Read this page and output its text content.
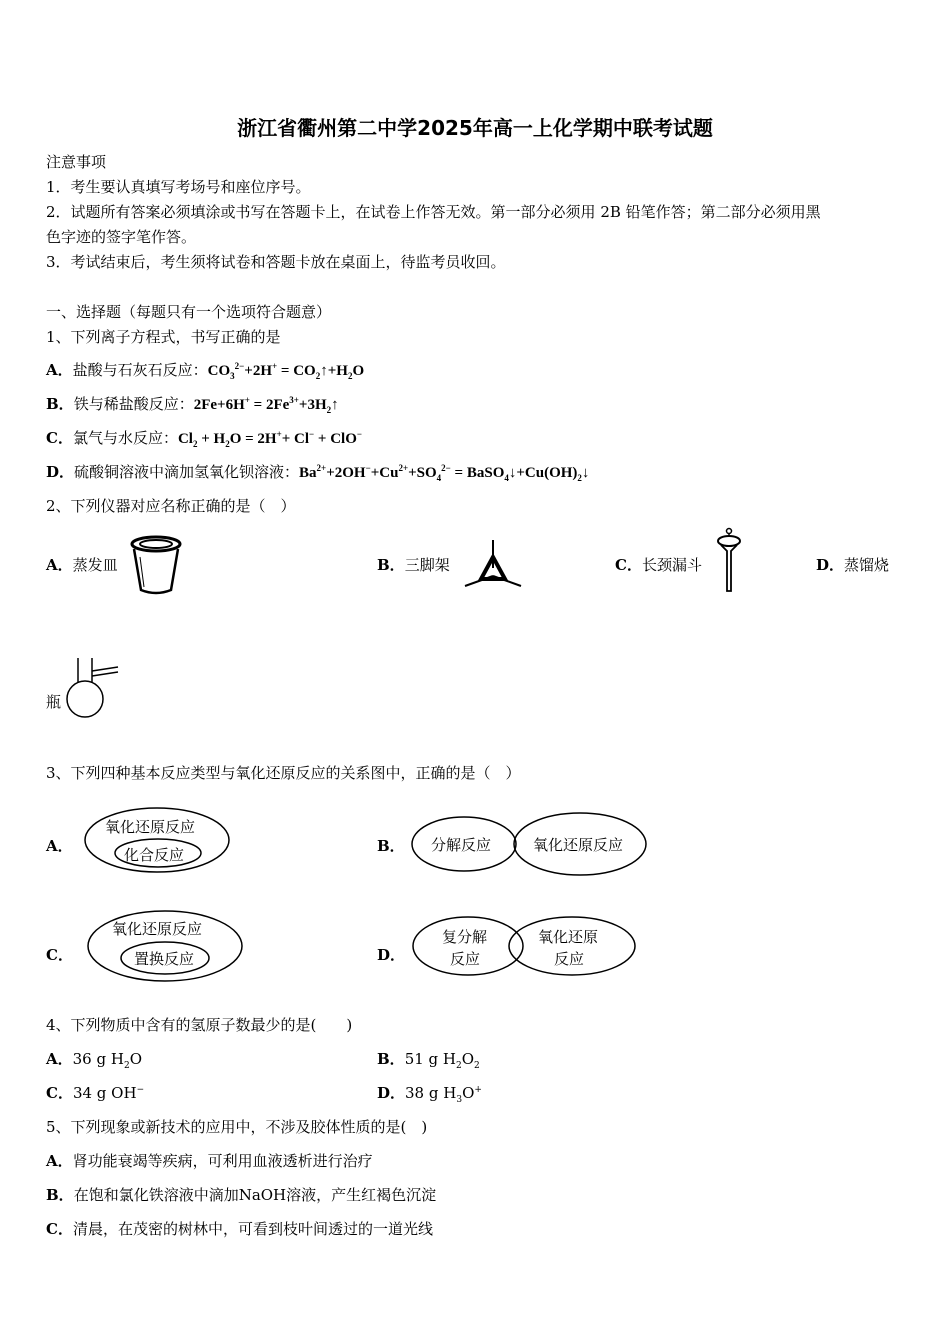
浙江省衢州第二中学2025年高一上化学期中联考试题
注意事项
1．考生要认真填写考场号和座位序号。
2．试题所有答案必须填涂或书写在答题卡上，在试卷上作答无效。第一部分必须用 2B 铅笔作答；第二部分必须用黑
色字迹的签字笔作答。
3．考试结束后，考生须将试卷和答题卡放在桌面上，待监考员收回。
一、选择题（每题只有一个选项符合题意）
1、下列离子方程式，书写正确的是
A．盐酸与石灰石反应：$CO_3^{2-}+2H^+$ = $CO_2↑+H_2O$
B．铁与稀盐酸反应：$2Fe+6H^+ = 2Fe^{3+}+3H_2↑$
C．氯气与水反应：$Cl_2 + H_2O = 2H^++ Cl^- + ClO^-$
D．硫酸铜溶液中滴加氢氧化钡溶液：$Ba^{2+}+2OH^-+Cu^{2+}+SO_4^{2-}$ = $BaSO_4↓+Cu(OH)_2↓$
2、下列仪器对应名称正确的是（　）
A．蒸发皿	B．三脚架	C．长颈漏斗	D．蒸馏烧
瓶
3、下列四种基本反应类型与氧化还原反应的关系图中，正确的是（　）
A．
氧化还原反应
化合反应	B． 分解反应	氧化还原反应
C．
氧化还原反应
置换反应	D．
复分解
反应
氧化还原
反应
4、下列物质中含有的氢原子数最少的是(　　)
A．36 g $H_2O$	B．51 g $H_2O_2$
C．34 g OH−	D．38 g $H_3O^+$
5、下列现象或新技术的应用中，不涉及胶体性质的是(　)
A．肾功能衰竭等疾病，可利用血液透析进行治疗
B．在饱和氯化铁溶液中滴加NaOH溶液，产生红褐色沉淀
C．清晨，在茂密的树林中，可看到枝叶间透过的一道光线
